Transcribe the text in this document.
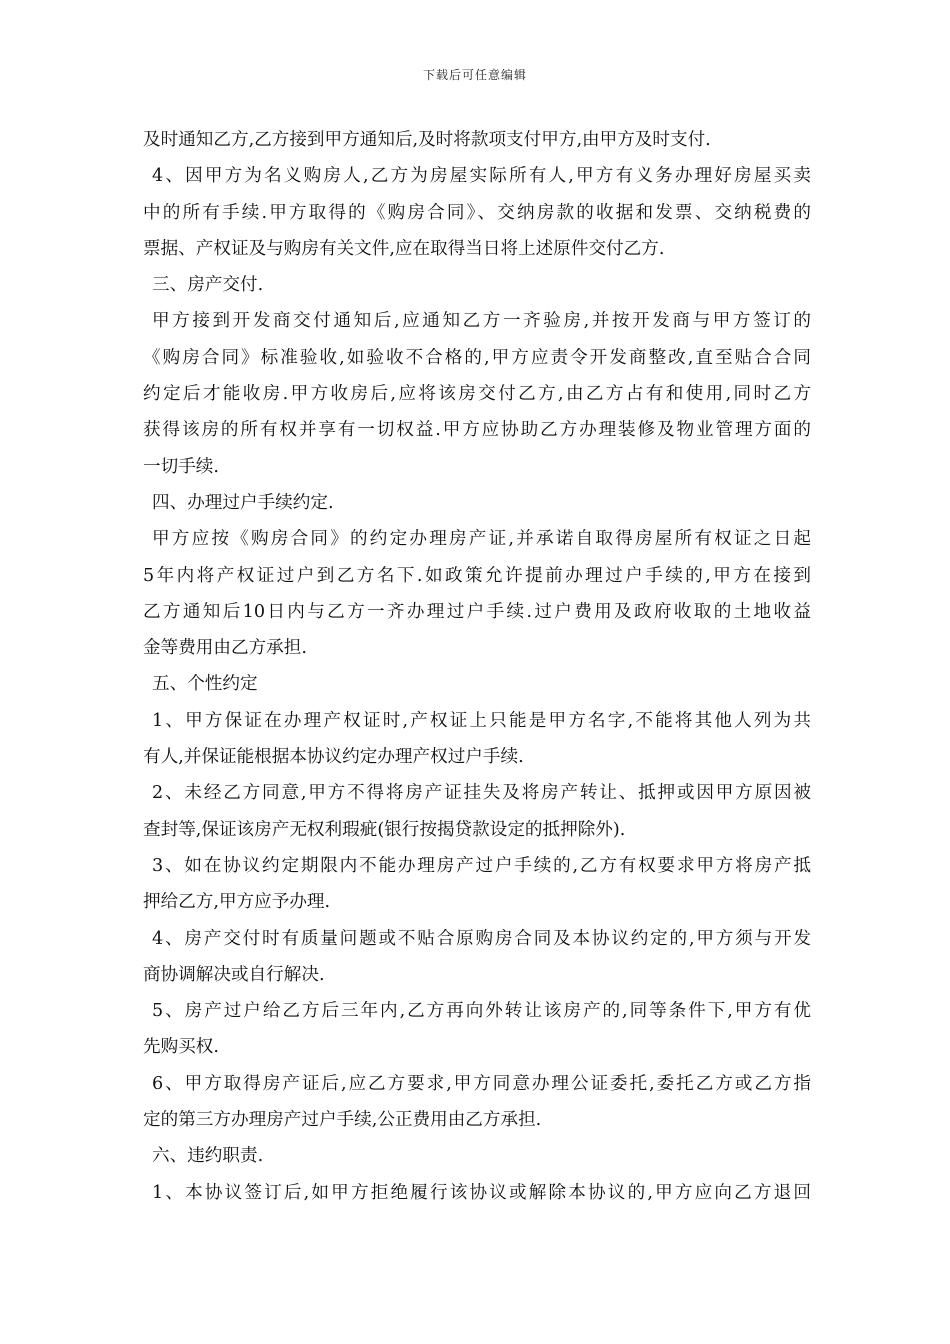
下载后可任意编辑
及时通知乙方,乙方接到甲方通知后,及时将款项支付甲方,由甲方及时支付.
4、因甲方为名义购房人,乙方为房屋实际所有人,甲方有义务办理好房屋买卖
中的所有手续.甲方取得的《购房合同》、交纳房款的收据和发票、交纳税费的
票据、产权证及与购房有关文件,应在取得当日将上述原件交付乙方.
三、房产交付.
甲方接到开发商交付通知后,应通知乙方一齐验房,并按开发商与甲方签订的
《购房合同》标准验收,如验收不合格的,甲方应责令开发商整改,直至贴合合同
约定后才能收房.甲方收房后,应将该房交付乙方,由乙方占有和使用,同时乙方
获得该房的所有权并享有一切权益.甲方应协助乙方办理装修及物业管理方面的
一切手续.
四、办理过户手续约定.
甲方应按《购房合同》的约定办理房产证,并承诺自取得房屋所有权证之日起
5年内将产权证过户到乙方名下.如政策允许提前办理过户手续的,甲方在接到
乙方通知后10日内与乙方一齐办理过户手续.过户费用及政府收取的土地收益
金等费用由乙方承担.
五、个性约定
1、甲方保证在办理产权证时,产权证上只能是甲方名字,不能将其他人列为共
有人,并保证能根据本协议约定办理产权过户手续.
2、未经乙方同意,甲方不得将房产证挂失及将房产转让、抵押或因甲方原因被
查封等,保证该房产无权利瑕疵(银行按揭贷款设定的抵押除外).
3、如在协议约定期限内不能办理房产过户手续的,乙方有权要求甲方将房产抵
押给乙方,甲方应予办理.
4、房产交付时有质量问题或不贴合原购房合同及本协议约定的,甲方须与开发
商协调解决或自行解决.
5、房产过户给乙方后三年内,乙方再向外转让该房产的,同等条件下,甲方有优
先购买权.
6、甲方取得房产证后,应乙方要求,甲方同意办理公证委托,委托乙方或乙方指
定的第三方办理房产过户手续,公正费用由乙方承担.
六、违约职责.
1、本协议签订后,如甲方拒绝履行该协议或解除本协议的,甲方应向乙方退回
